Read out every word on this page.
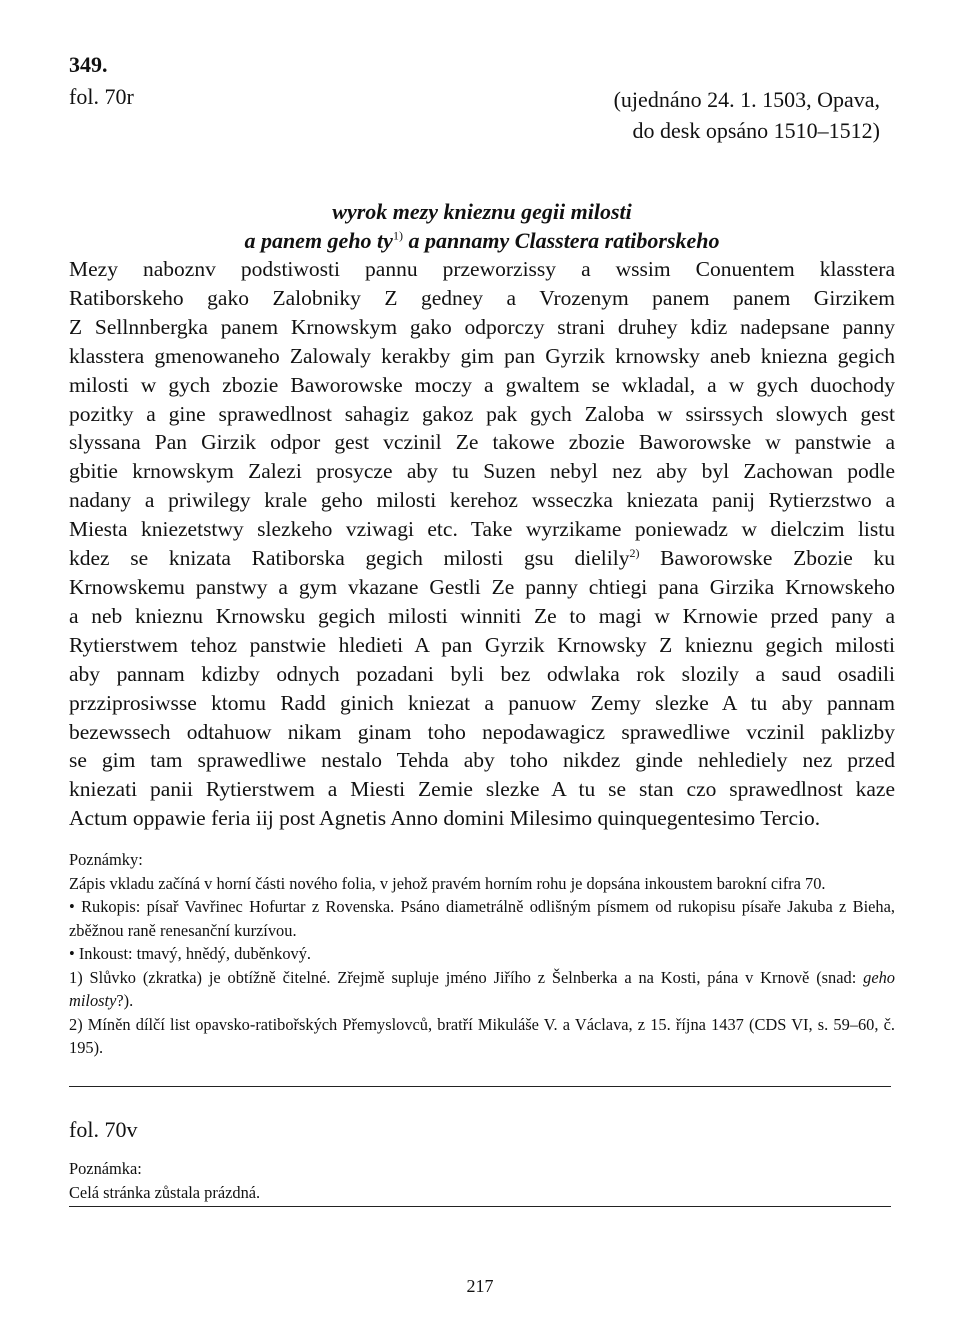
349.
fol. 70r	(ujednáno 24. 1. 1503, Opava,
do desk opsáno 1510–1512)
wyrok mezy knieznu gegii milosti
a panem geho $ty^{1)}$ a pannamy Classtera ratiborskeho

Mezy naboznv podstiwosti pannu przeworzissy a wssim Conuentem klasstera

Ratiborskeho gako Zalobniky Z gedney a Vrozenym panem panem Girzikem

Z Sellnnbergka panem Krnowskym gako odporczy strani druhey kdiz nadepsane panny

klasstera gmenowaneho Zalowaly kerakby gim pan Gyrzik krnowsky aneb kniezna gegich

milosti w gych zbozie Baworowske moczy a gwaltem se wkladal, a w gych duochody

pozitky a gine sprawedlnost sahagiz gakoz pak gych Zaloba w ssirssych slowych gest

slyssana Pan Girzik odpor gest vczinil Ze takowe zbozie Baworowske w panstwie a

gbitie krnowskym Zalezi prosycze aby tu Suzen nebyl nez aby byl Zachowan podle

nadany a priwilegy krale geho milosti kerehoz wsseczka kniezata panij Rytierzstwo a

Miesta kniezetstwy slezkeho vziwagi etc. Take wyrzikame poniewadz w dielczim listu

kdez se knizata Ratiborska gegich milosti gsu dielily$^{2)}$ Baworowske Zbozie ku

Krnowskemu panstwy a gym vkazane Gestli Ze panny chtiegi pana Girzika Krnowskeho

a neb knieznu Krnowsku gegich milosti winniti Ze to magi w Krnowie przed pany a

Rytierstwem tehoz panstwie hledieti A pan Gyrzik Krnowsky Z knieznu gegich milosti

aby pannam kdizby odnych pozadani byli bez odwlaka rok slozily a saud osadili

przziprosiwsse ktomu Radd ginich kniezat a panuow Zemy slezke A tu aby pannam

bezewssech odtahuow nikam ginam toho nepodawagicz sprawedliwe vczinil paklizby

se gim tam sprawedliwe nestalo Tehda aby toho nikdez ginde nehlediely nez przed

kniezati panii Rytierstwem a Miesti Zemie slezke A tu se stan czo sprawedlnost kaze

Actum oppawie feria iij post Agnetis Anno domini Milesimo quinquegentesimo Tercio.

Poznámky:

Zápis vkladu začíná v horní části nového folia, v jehož pravém horním rohu je dopsána inkoustem barokní cifra 70.

• Rukopis: písař Vavřinec Hofurtar z Rovenska. Psáno diametrálně odlišným písmem od rukopisu písaře Jakuba z Bieha, zběžnou raně renesanční kurzívou.

• Inkoust: tmavý, hnědý, duběnkový.

1) Slůvko (zkratka) je obtížně čitelné. Zřejmě supluje jméno Jiřího z Šelnberka a na Kosti, pána v Krnově (snad: geho milosty?).

2) Míněn dílčí list opavsko-ratibořských Přemyslovců, bratří Mikuláše V. a Václava, z 15. října 1437 (CDS VI, s. 59–60, č. 195).

fol. 70v

Poznámka:

Celá stránka zůstala prázdná.

217
